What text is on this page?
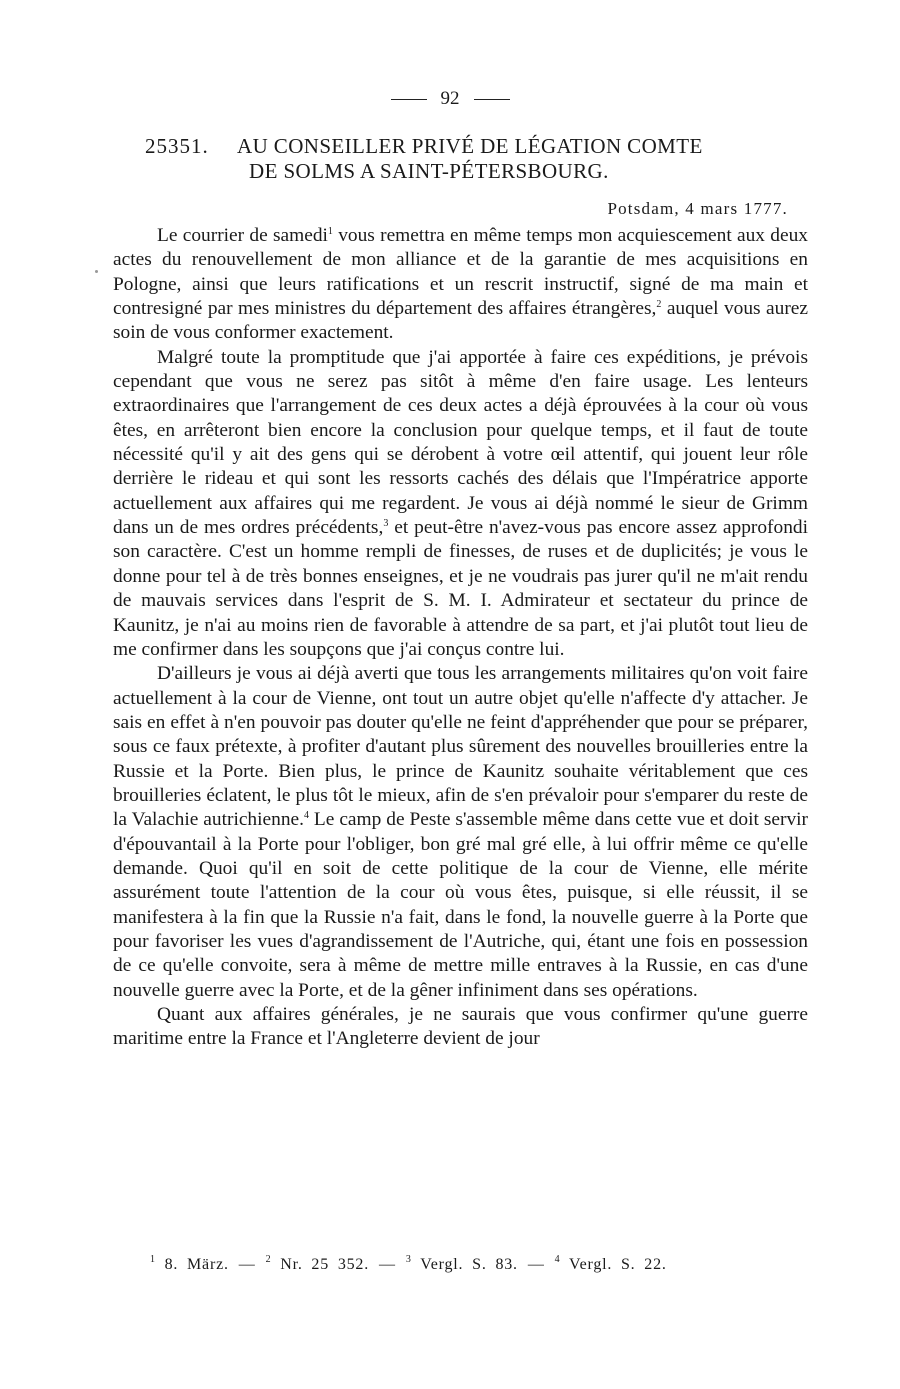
92
25351. AU CONSEILLER PRIVÉ DE LÉGATION COMTE
DE SOLMS A SAINT-PÉTERSBOURG.
Potsdam, 4 mars 1777.

Le courrier de samedi$^1$ vous remettra en même temps mon acquiescement aux deux actes du renouvellement de mon alliance et de la garantie de mes acquisitions en Pologne, ainsi que leurs ratifications et un rescrit instructif, signé de ma main et contresigné par mes ministres du département des affaires étrangères,$^2$ auquel vous aurez soin de vous conformer exactement.

Malgré toute la promptitude que j'ai apportée à faire ces expéditions, je prévois cependant que vous ne serez pas sitôt à même d'en faire usage. Les lenteurs extraordinaires que l'arrangement de ces deux actes a déjà éprouvées à la cour où vous êtes, en arrêteront bien encore la conclusion pour quelque temps, et il faut de toute nécessité qu'il y ait des gens qui se dérobent à votre œil attentif, qui jouent leur rôle derrière le rideau et qui sont les ressorts cachés des délais que l'Impératrice apporte actuellement aux affaires qui me regardent. Je vous ai déjà nommé le sieur de Grimm dans un de mes ordres précédents,$^3$ et peut-être n'avez-vous pas encore assez approfondi son caractère. C'est un homme rempli de finesses, de ruses et de duplicités; je vous le donne pour tel à de très bonnes enseignes, et je ne voudrais pas jurer qu'il ne m'ait rendu de mauvais services dans l'esprit de S. M. I. Admirateur et sectateur du prince de Kaunitz, je n'ai au moins rien de favorable à attendre de sa part, et j'ai plutôt tout lieu de me confirmer dans les soupçons que j'ai conçus contre lui.

D'ailleurs je vous ai déjà averti que tous les arrangements militaires qu'on voit faire actuellement à la cour de Vienne, ont tout un autre objet qu'elle n'affecte d'y attacher. Je sais en effet à n'en pouvoir pas douter qu'elle ne feint d'appréhender que pour se préparer, sous ce faux prétexte, à profiter d'autant plus sûrement des nouvelles brouilleries entre la Russie et la Porte. Bien plus, le prince de Kaunitz souhaite véritablement que ces brouilleries éclatent, le plus tôt le mieux, afin de s'en prévaloir pour s'emparer du reste de la Valachie autrichienne.$^4$ Le camp de Peste s'assemble même dans cette vue et doit servir d'épouvantail à la Porte pour l'obliger, bon gré mal gré elle, à lui offrir même ce qu'elle demande. Quoi qu'il en soit de cette politique de la cour de Vienne, elle mérite assurément toute l'attention de la cour où vous êtes, puisque, si elle réussit, il se manifestera à la fin que la Russie n'a fait, dans le fond, la nouvelle guerre à la Porte que pour favoriser les vues d'agrandissement de l'Autriche, qui, étant une fois en possession de ce qu'elle convoite, sera à même de mettre mille entraves à la Russie, en cas d'une nouvelle guerre avec la Porte, et de la gêner infiniment dans ses opérations.

Quant aux affaires générales, je ne saurais que vous confirmer qu'une guerre maritime entre la France et l'Angleterre devient de jour

$^1$ 8. März. — $^2$ Nr. 25 352. — $^3$ Vergl. S. 83. — $^4$ Vergl. S. 22.
